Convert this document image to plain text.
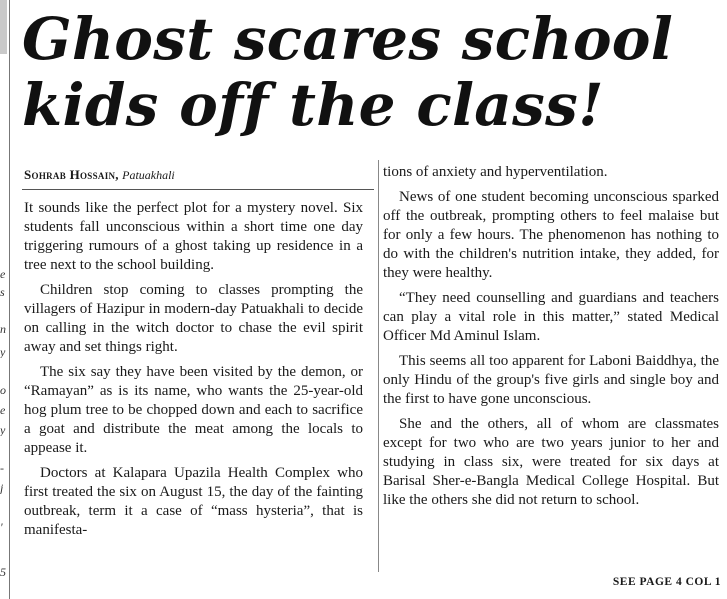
e
s
n
y
o
e
y
-
j
'
5
Ghost scares school kids off the class!
Sohrab Hossain, Patuakhali

It sounds like the perfect plot for a mystery novel. Six students fall unconscious within a short time one day triggering rumours of a ghost taking up residence in a tree next to the school building.

Children stop coming to classes prompting the villagers of Hazipur in modern-day Patuakhali to decide on calling in the witch doctor to chase the evil spirit away and set things right.

The six say they have been visited by the demon, or “Ramayan” as is its name, who wants the 25-year-old hog plum tree to be chopped down and each to sacrifice a goat and distribute the meat among the locals to appease it.

Doctors at Kalapara Upazila Health Complex who first treated the six on August 15, the day of the fainting outbreak, term it a case of “mass hysteria”, that is manifesta-

tions of anxiety and hyperventilation.

News of one student becoming unconscious sparked off the outbreak, prompting others to feel malaise but for only a few hours. The phenomenon has nothing to do with the children's nutrition intake, they added, for they were healthy.

“They need counselling and guardians and teachers can play a vital role in this matter,” stated Medical Officer Md Aminul Islam.

This seems all too apparent for Laboni Baiddhya, the only Hindu of the group's five girls and single boy and the first to have gone unconscious.

She and the others, all of whom are classmates except for two who are two years junior to her and studying in class six, were treated for six days at Barisal Sher-e-Bangla Medical College Hospital. But like the others she did not return to school.

SEE PAGE 4 COL 1
